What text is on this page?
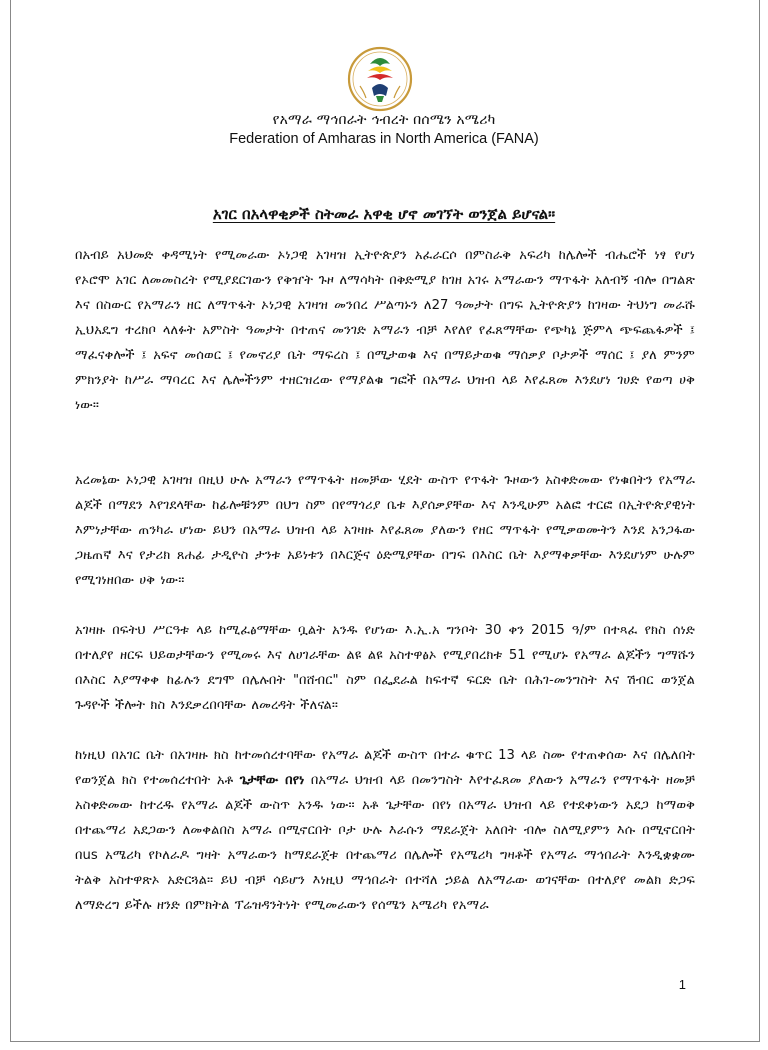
የአማራ ማኅበራት ኅብረት በሰሜን አሜሪካ
Federation of Amharas in North America (FANA)
አገር በአላዋቂዎች ስትመራ አዋቂ ሆኖ መገኘት ወንጀል ይሆናል።

በአብይ አህመድ ቀዳሚነት የሚመራው ኦነጋዊ አገዛዝ ኢትዮጵያን አፈራርሶ በምስራቅ አፍሪካ ከሌሎች ብሔሮች ነፃ የሆነ የኦሮሞ አገር ለመመስረት የሚያደርገውን የቅዠት ጉዞ ለማሳካት በቅድሚያ ከገዘ አገሩ አማራውን ማጥፋት አለብኝ ብሎ በግልጽ እና በስውር የአማራን ዘር ለማጥፋት ኦነጋዊ አገዛዝ መንበረ ሥልጣኑን ለ27 ዓመታት በግፍ ኢትዮጵያን ከገዛው ትህነግ መራሹ ኢህአዴግ ተረክቦ ላለፉት አምስት ዓመታት በተጠና መንገድ አማራን ብቻ እየለየ የፈጸማቸው የጭካኔ ጅምላ ጭፍጨፋዎች ፤ ማፈናቀሎች ፤ አፍኖ መሰወር ፤ የመኖሪያ ቤት ማፍረስ ፤ በሚታወቁ እና በማይታወቁ ማሰቃያ ቦታዎች ማሰር ፤ ያለ ምንም ምክንያት ከሥራ ማባረር እና ሌሎችንም ተዘርዝረው የማያልቁ ግፎች በአማራ ህዝብ ላይ እየፈጸመ እንደሆነ ገሀድ የወጣ ሀቅ ነው።

አረመኔው ኦነጋዊ አገዛዝ በዚህ ሁሉ አማራን የማጥፋት ዘመቻው ሂደት ውስጥ የጥፋት ጉዞውን አስቀድመው የነቁበትን የአማራ ልጆች በማደን እየገደላቸው ከፊሎቹንም በህግ ስም በየማጎሪያ ቤቱ እያሰቃያቸው እና እንዲሁም አልፎ ተርፎ በኢትዮጵያዊነት እምነታቸው ጠንካራ ሆነው ይህን በአማራ ህዝብ ላይ አገዛዙ እየፈጸመ ያለውን የዘር ማጥፋት የሚቃወሙትን እንደ አንጋፋው ጋዜጠኛ እና የታሪክ ጸሐፊ ታዲዮስ ታንቱ አይነቱን በእርጅና ዕድሜያቸው በግፍ በእስር ቤት እያማቀቃቸው እንደሆነም ሁሉም የሚገነዘበው ሀቅ ነው።

አገዛዙ በፍትህ ሥርዓቱ ላይ ከሚፈፅማቸው ቧልት አንዱ የሆነው እ.ኢ.አ ግንቦት 30 ቀን 2015 ዓ/ም በተጻፈ የክስ ሰነድ በተለያየ ዘርፍ ህይወታቸውን የሚመሩ እና ለሀገራቸው ልዩ ልዩ አስተዋፅኦ የሚያበረክቱ 51 የሚሆኑ የአማራ ልጆችን ግማሹን በእስር እያማቀቀ ከፊሉን ደግሞ በሌሉበት "በሸብር" ስም በፌደራል ከፍተኛ ፍርድ ቤት በሕገ-መንግስት እና ሽብር ወንጀል ጉዳዮች ችሎት ክስ እንደቃረበባቸው ለመረዳት ችለናል።

ከነዚህ በአገር ቤት በአገዛዙ ክስ ከተመሰረተባቸው የአማራ ልጆች ውስጥ በተራ ቁጥር 13 ላይ ስሙ የተጠቀሰው እና በሌለበት የወንጀል ክስ የተመሰረተበት አቶ ጌታቸው በየነ በአማራ ህዝብ ላይ በመንግስት እየተፈጸመ ያለውን አማራን የማጥፋት ዘመቻ አስቀድመው ከተረዱ የአማራ ልጆች ውስጥ አንዱ ነው። አቶ ጌታቸው በየነ በአማራ ህዝብ ላይ የተደቀነውን አደጋ ከማወቅ በተጨማሪ አደጋውን ለመቀልበስ አማራ በሚኖርበት ቦታ ሁሉ እራሱን ማደራጀት አለበት ብሎ ስለሚያምን እሱ በሚኖርበት በus አሜሪካ የኮለራዶ ግዛት አማራውን ከማደራጀቱ በተጨማሪ በሌሎች የአሜሪካ ግዛቶች የአማራ ማኅበራት እንዲቋቋሙ ትልቅ አስተዋጽኦ አድርጓል። ይህ ብቻ ሳይሆን እነዚህ ማኅበራት በተሻለ ኃይል ለአማራው ወገናቸው በተለያየ መልክ ድጋፍ ለማድረግ ይችሉ ዘንድ በምክትል ፕሬዝዳንትነት የሚመራውን የሰሜን አሜሪካ የአማራ

1
